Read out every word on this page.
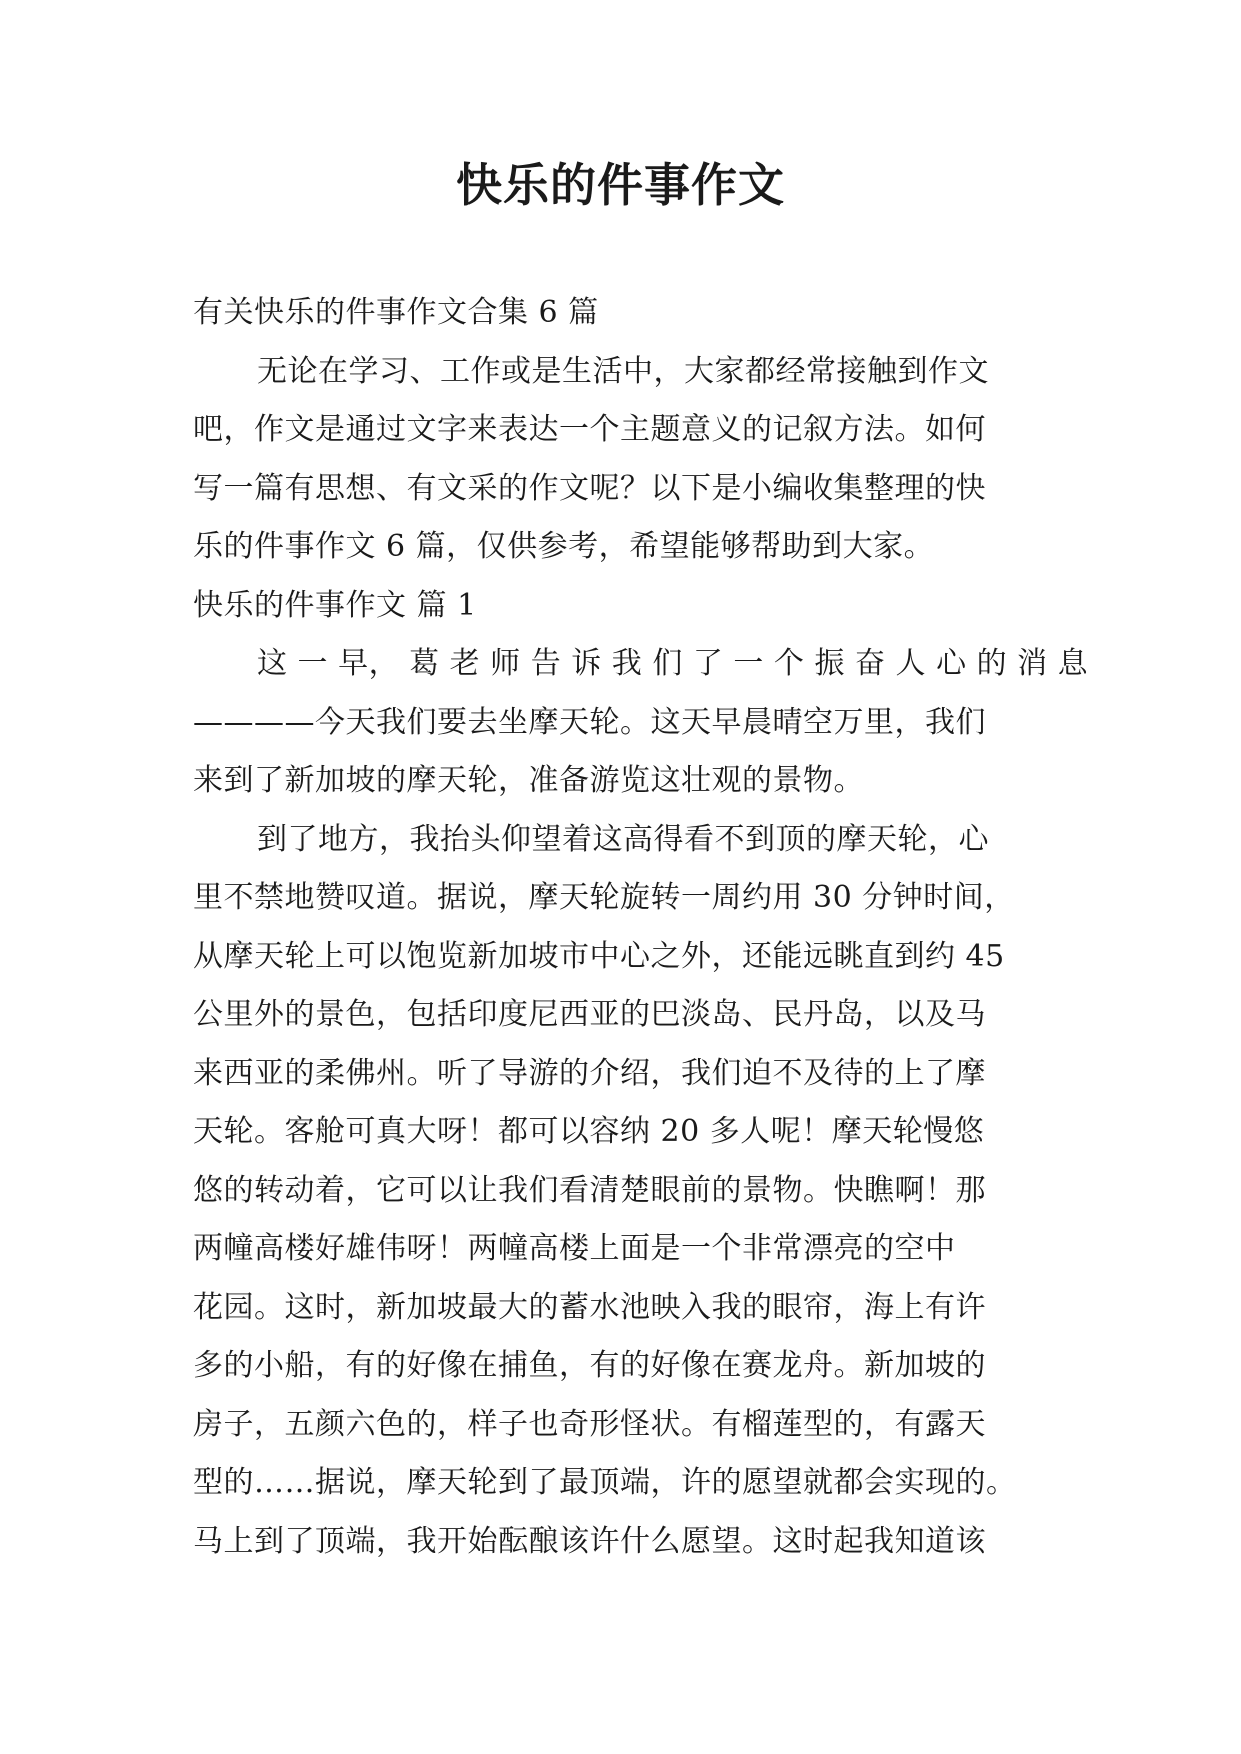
快乐的件事作文
有关快乐的件事作文合集 6 篇
无论在学习、工作或是生活中，大家都经常接触到作文
吧，作文是通过文字来表达一个主题意义的记叙方法。如何
写一篇有思想、有文采的作文呢？以下是小编收集整理的快
乐的件事作文 6 篇，仅供参考，希望能够帮助到大家。
快乐的件事作文 篇 1
这 一 早， 葛 老 师 告 诉 我 们 了 一 个 振 奋 人 心 的 消 息
————今天我们要去坐摩天轮。这天早晨晴空万里，我们
来到了新加坡的摩天轮，准备游览这壮观的景物。
到了地方，我抬头仰望着这高得看不到顶的摩天轮，心
里不禁地赞叹道。据说，摩天轮旋转一周约用 30 分钟时间，
从摩天轮上可以饱览新加坡市中心之外，还能远眺直到约 45
公里外的景色，包括印度尼西亚的巴淡岛、民丹岛，以及马
来西亚的柔佛州。听了导游的介绍，我们迫不及待的上了摩
天轮。客舱可真大呀！都可以容纳 20 多人呢！摩天轮慢悠
悠的转动着，它可以让我们看清楚眼前的景物。快瞧啊！那
两幢高楼好雄伟呀！两幢高楼上面是一个非常漂亮的空中
花园。这时，新加坡最大的蓄水池映入我的眼帘，海上有许
多的小船，有的好像在捕鱼，有的好像在赛龙舟。新加坡的
房子，五颜六色的，样子也奇形怪状。有榴莲型的，有露天
型的……据说，摩天轮到了最顶端，许的愿望就都会实现的。
马上到了顶端，我开始酝酿该许什么愿望。这时起我知道该
